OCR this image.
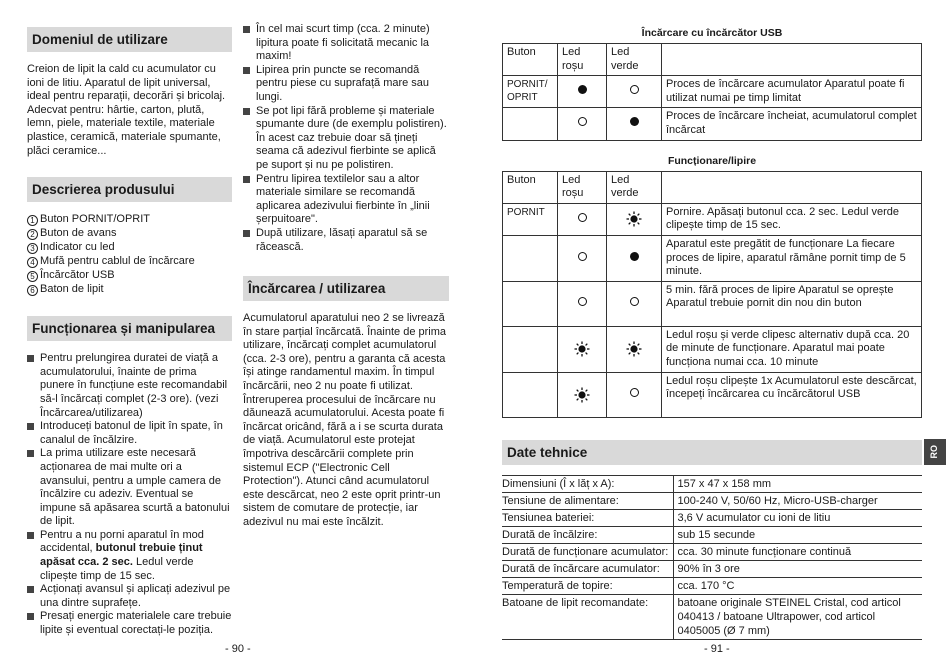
Domeniul de utilizare

Creion de lipit la cald cu acumulator cu ioni de litiu. Aparatul de lipit universal, ideal pentru reparații, decorări și bricolaj. Adecvat pentru: hârtie, carton, plută, lemn, piele, materiale textile, materiale plastice, ceramică, materiale spumante, plăci ceramice...

Descrierea produsului
1 Buton PORNIT/OPRIT
2 Buton de avans
3 Indicator cu led
4 Mufă pentru cablul de încărcare
5 Încărcător USB
6 Baton de lipit
Funcționarea și manipularea
Pentru prelungirea duratei de viață a acumulatorului, înainte de prima punere în funcțiune este recomandabil să-l încărcați complet (2-3 ore). (vezi Încărcarea/utilizarea)
Introduceți batonul de lipit în spate, în canalul de încălzire.
La prima utilizare este necesară acționarea de mai multe ori a avansului, pentru a umple camera de încălzire cu adeziv. Eventual se impune să apăsarea scurtă a batonului de lipit.
Pentru a nu porni aparatul în mod accidental, butonul trebuie ținut apăsat cca. 2 sec. Ledul verde clipește timp de 15 sec.
Acționați avansul și aplicați adezivul pe una dintre suprafețe.
Presați energic materialele care trebuie lipite și eventual corectați-le poziția.
În cel mai scurt timp (cca. 2 minute) lipitura poate fi solicitată mecanic la maxim!
Lipirea prin puncte se recomandă pentru piese cu suprafață mare sau lungi.
Se pot lipi fără probleme și materiale spumante dure (de exemplu polistiren). În acest caz trebuie doar să țineți seama că adezivul fierbinte se aplică pe suport și nu pe polistiren.
Pentru lipirea textilelor sau a altor materiale similare se recomandă aplicarea adezivului fierbinte în „linii șerpuitoare".
După utilizare, lăsați aparatul să se răcească.
Încărcarea / utilizarea

Acumulatorul aparatului neo 2 se livrează în stare parțial încărcată. Înainte de prima utilizare, încărcați complet acumulatorul (cca. 2-3 ore), pentru a garanta că acesta își atinge randamentul maxim. În timpul încărcării, neo 2 nu poate fi utilizat. Întreruperea procesului de încărcare nu dăunează acumulatorului. Acesta poate fi încărcat oricând, fără a i se scurta durata de viață. Acumulatorul este protejat împotriva descărcării complete prin sistemul ECP ("Electronic Cell Protection"). Atunci când acumulatorul este descărcat, neo 2 este oprit printr-un sistem de comutare de protecție, iar adezivul nu mai este încălzit.

- 90 -
Încărcare cu încărcător USB
Buton	Led roșu	Led verde	
PORNIT/ OPRIT			Proces de încărcare acumulator Aparatul poate fi utilizat numai pe timp limitat
			Proces de încărcare încheiat, acumulatorul complet încărcat
Funcționare/lipire
Buton	Led roșu	Led verde	
PORNIT			Pornire. Apăsați butonul cca. 2 sec. Ledul verde clipește timp de 15 sec.
			Aparatul este pregătit de funcționare La fiecare proces de lipire, aparatul rămâne pornit timp de 5 minute.
			5 min. fără proces de lipire Aparatul se oprește Aparatul trebuie pornit din nou din buton
			Ledul roșu și verde clipesc alternativ după cca. 20 de minute de funcționare. Aparatul mai poate funcționa numai cca. 10 minute
			Ledul roșu clipește 1x Acumulatorul este descărcat, începeți încărcarea cu încărcătorul USB
Date tehnice
Dimensiuni (Î x lăț x A):	157 x 47 x 158 mm
Tensiune de alimentare:	100-240 V, 50/60 Hz, Micro-USB-charger
Tensiunea bateriei:	3,6 V acumulator cu ioni de litiu
Durată de încălzire:	sub 15 secunde
Durată de funcționare acumulator:	cca. 30 minute funcționare continuă
Durată de încărcare acumulator:	90% în 3 ore
Temperatură de topire:	cca. 170 °C
Batoane de lipit recomandate:	batoane originale STEINEL Cristal, cod articol 040413 / batoane Ultrapower, cod articol 0405005 (Ø 7 mm)
RO
- 91 -
